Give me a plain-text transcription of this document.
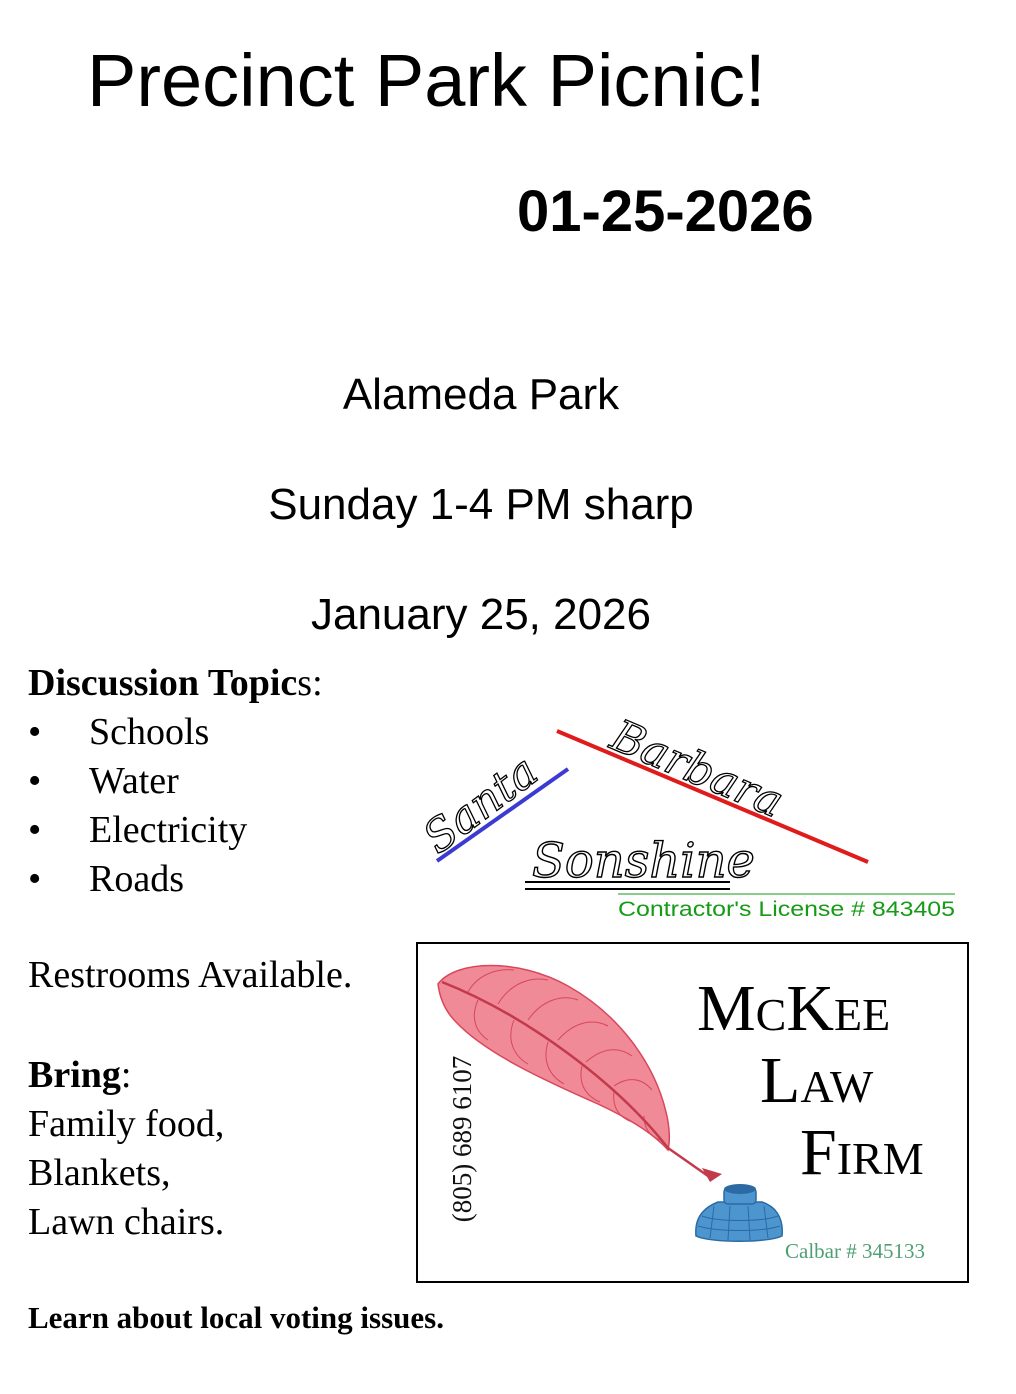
Precinct Park Picnic!
01-25-2026
Alameda Park
Sunday 1-4 PM sharp
January 25, 2026
Discussion Topics:
• Schools
• Water
• Electricity
• Roads
Restrooms Available.
Bring:
Family food,
Blankets,
Lawn chairs.
Learn about local voting issues.
Santa Barbara
Sonshine
Contractor's License # 843405
(805) 689 6107
McKee
Law
Firm
Calbar # 345133
